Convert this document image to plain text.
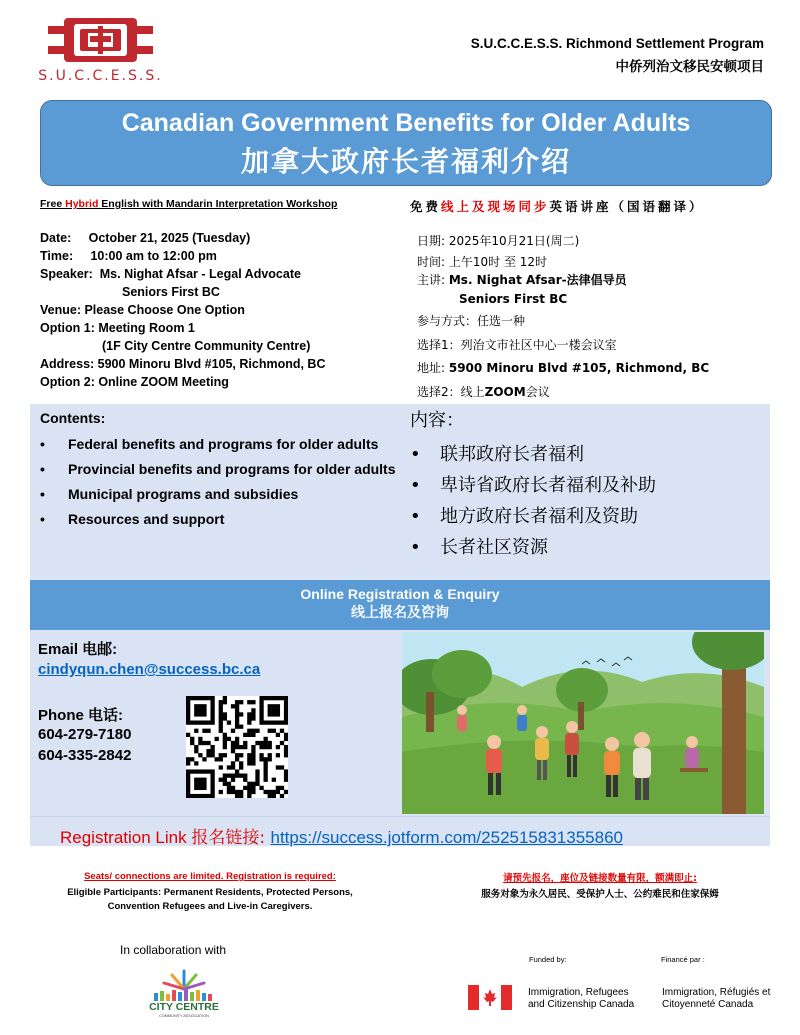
S.U.C.C.E.S.S.
S.U.C.C.E.S.S. Richmond Settlement Program
中侨列治文移民安顿项目
Canadian Government Benefits for Older Adults
加拿大政府长者福利介绍
Free Hybrid English with Mandarin Interpretation Workshop	免费线上及现场同步英语讲座（国语翻译）
Date:     October 21, 2025 (Tuesday)
Time:     10:00 am to 12:00 pm
Speaker:  Ms. Nighat Afsar - Legal Advocate
Seniors First BC
Venue: Please Choose One Option
Option 1: Meeting Room 1
(1F City Centre Community Centre)
Address: 5900 Minoru Blvd #105, Richmond, BC
Option 2: Online ZOOM Meeting
日期: 2025年10月21日(周二)
时间: 上午10时 至 12时
主讲: Ms. Nighat Afsar-法律倡导员
Seniors First BC
参与方式：任选一种
选择1：列治文市社区中心一楼会议室
地址: 5900 Minoru Blvd #105, Richmond, BC
选择2：线上ZOOM会议
Contents:
• Federal benefits and programs for older adults
• Provincial benefits and programs for older adults
• Municipal programs and subsidies
• Resources and support
内容：
• 联邦政府长者福利
• 卑诗省政府长者福利及补助
• 地方政府长者福利及资助
• 长者社区资源
Online Registration & Enquiry
线上报名及咨询
Email 电邮:
cindyqun.chen@success.bc.ca
Phone 电话:
604-279-7180
604-335-2842
Registration Link 报名链接: https://success.jotform.com/252515831355860
Seats/ connections are limited. Registration is required:
Eligible Participants: Permanent Residents, Protected Persons, Convention Refugees and Live-in Caregivers.
请预先报名，座位及链接数量有限，额满即止:
服务对象为永久居民、受保护人士、公约难民和住家保姆
In collaboration with
CITY CENTRE
COMMUNITY ASSOCIATION
Funded by:	Financé par :
Immigration, Refugees and Citizenship Canada
Immigration, Réfugiés et Citoyenneté Canada
